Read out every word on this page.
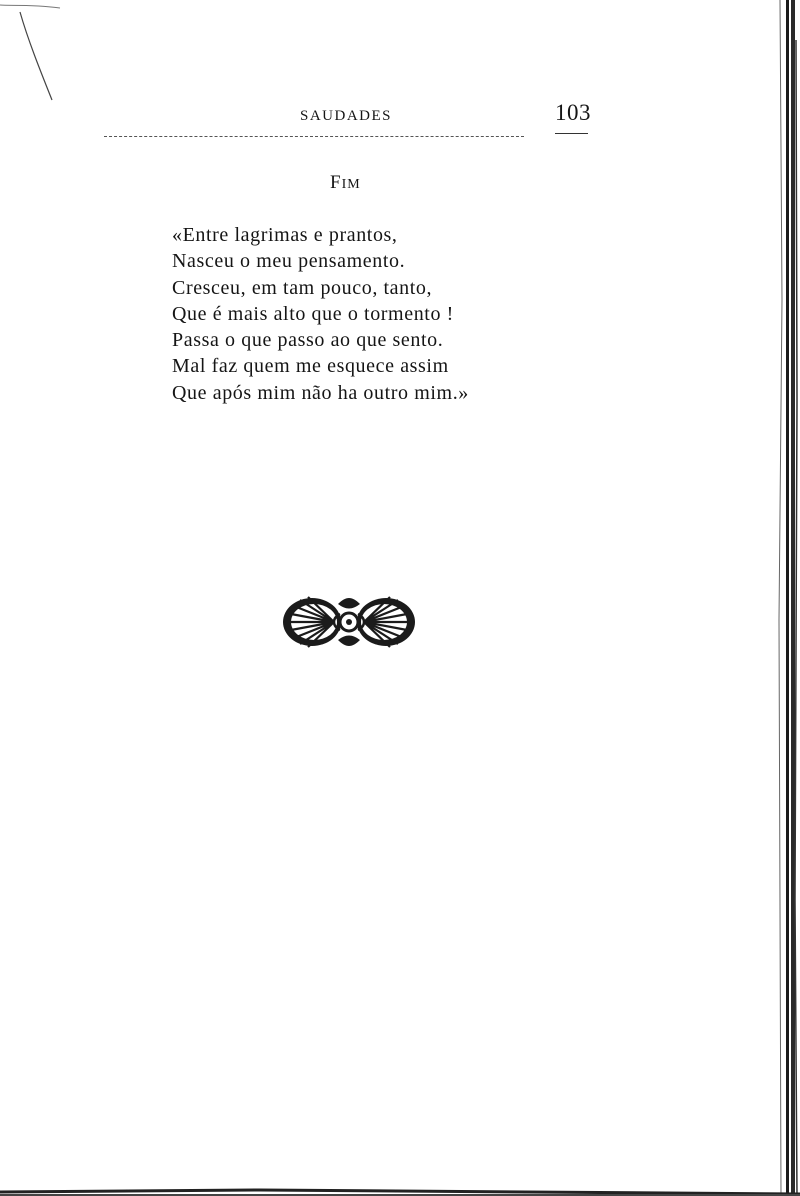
SAUDADES	103
FIM
«Entre lagrimas e prantos,
Nasceu o meu pensamento.
Cresceu, em tam pouco, tanto,
Que é mais alto que o tormento !
Passa o que passo ao que sento.
Mal faz quem me esquece assim
Que após mim não ha outro mim.»
